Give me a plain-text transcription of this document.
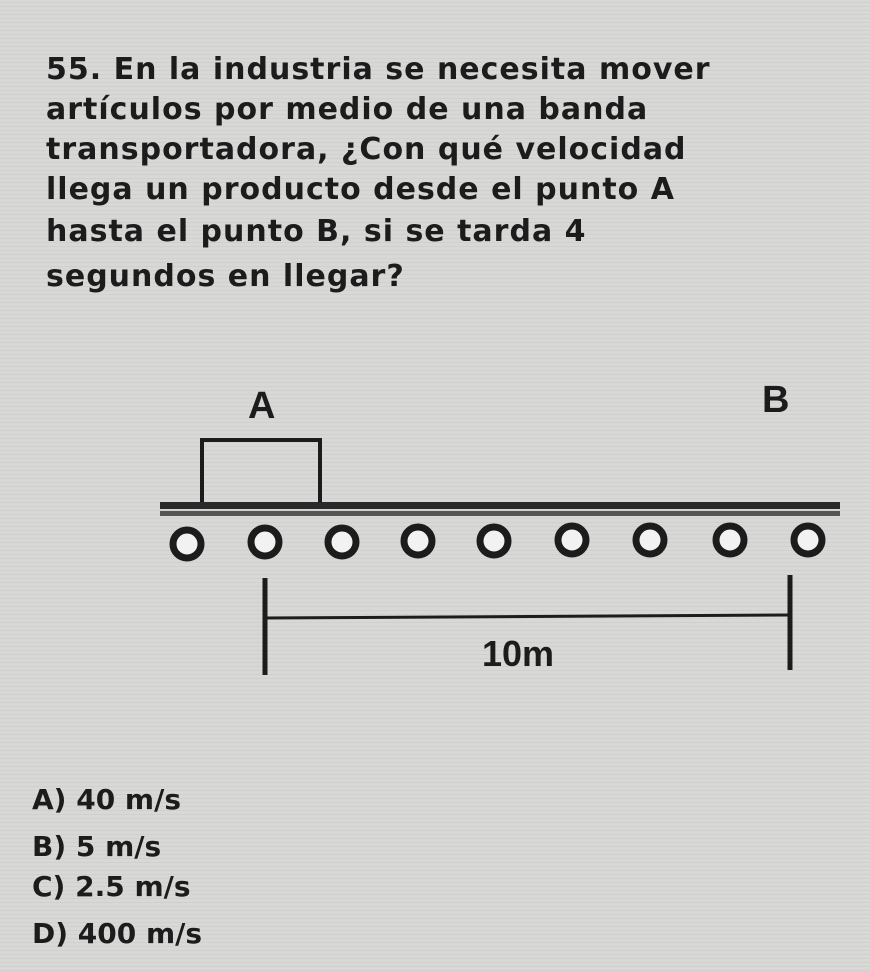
55. En la industria se necesita mover
artículos por medio de una banda
transportadora, ¿Con qué velocidad
llega un producto desde el punto A
hasta el punto B, si se tarda 4
segundos en llegar?
A	B
10m
A) 40 m/s
B) 5 m/s
C) 2.5 m/s
D) 400 m/s
